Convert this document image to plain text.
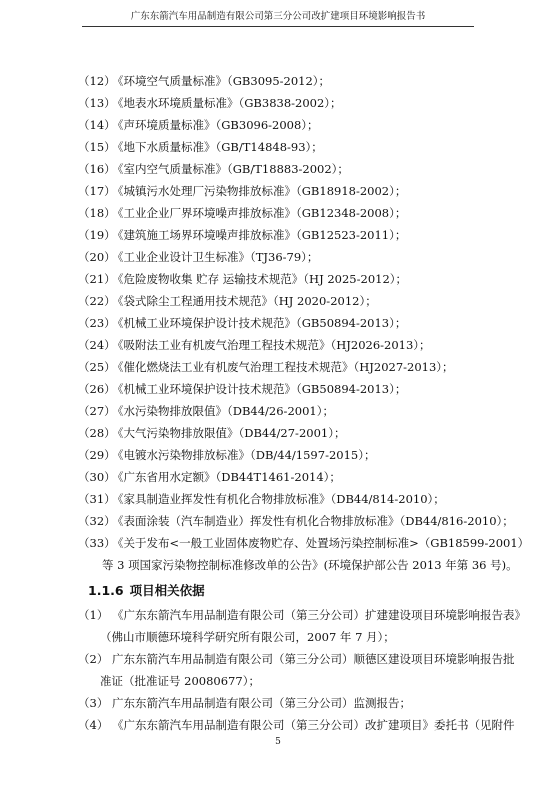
广东东箭汽车用品制造有限公司第三分公司改扩建项目环境影响报告书
（12）
《环境空气质量标准》（GB3095-2012）；
（13）
《地表水环境质量标准》（GB3838-2002）；
（14）
《声环境质量标准》（GB3096-2008）；
（15）
《地下水质量标准》（GB/T14848-93）；
（16）
《室内空气质量标准》（GB/T18883-2002）；
（17）
《城镇污水处理厂污染物排放标准》（GB18918-2002）；
（18）
《工业企业厂界环境噪声排放标准》（GB12348-2008）；
（19）
《建筑施工场界环境噪声排放标准》（GB12523-2011）；
（20）
《工业企业设计卫生标准》（TJ36-79）；
（21）
《危险废物收集 贮存 运输技术规范》（HJ 2025-2012）；
（22）
《袋式除尘工程通用技术规范》（HJ 2020-2012）；
（23）
《机械工业环境保护设计技术规范》（GB50894-2013）；
（24）
《吸附法工业有机废气治理工程技术规范》（HJ2026-2013）；
（25）
《催化燃烧法工业有机废气治理工程技术规范》（HJ2027-2013）；
（26）
《机械工业环境保护设计技术规范》（GB50894-2013）；
（27）
《水污染物排放限值》（DB44/26-2001）；
（28）
《大气污染物排放限值》（DB44/27-2001）；
（29）
《电镀水污染物排放标准》（DB/44/1597-2015）；
（30）
《广东省用水定额》（DB44T1461-2014）；
（31）
《家具制造业挥发性有机化合物排放标准》（DB44/814-2010）；
（32）
《表面涂装（汽车制造业）挥发性有机化合物排放标准》（DB44/816-2010）；
（33）
《关于发布<一般工业固体废物贮存、处置场污染控制标准>（GB18599-2001）
等 3 项国家污染物控制标准修改单的公告》(环境保护部公告 2013 年第 36 号)。
1.1.6 项目相关依据
（1） 《广东东箭汽车用品制造有限公司（第三分公司）扩建建设项目环境影响报告表》
（佛山市顺德环境科学研究所有限公司，2007 年 7 月）；
（2） 广东东箭汽车用品制造有限公司（第三分公司）顺德区建设项目环境影响报告批
准证（批准证号 20080677）；
（3） 广东东箭汽车用品制造有限公司（第三分公司）监测报告；
（4） 《广东东箭汽车用品制造有限公司（第三分公司）改扩建项目》委托书（见附件
5
